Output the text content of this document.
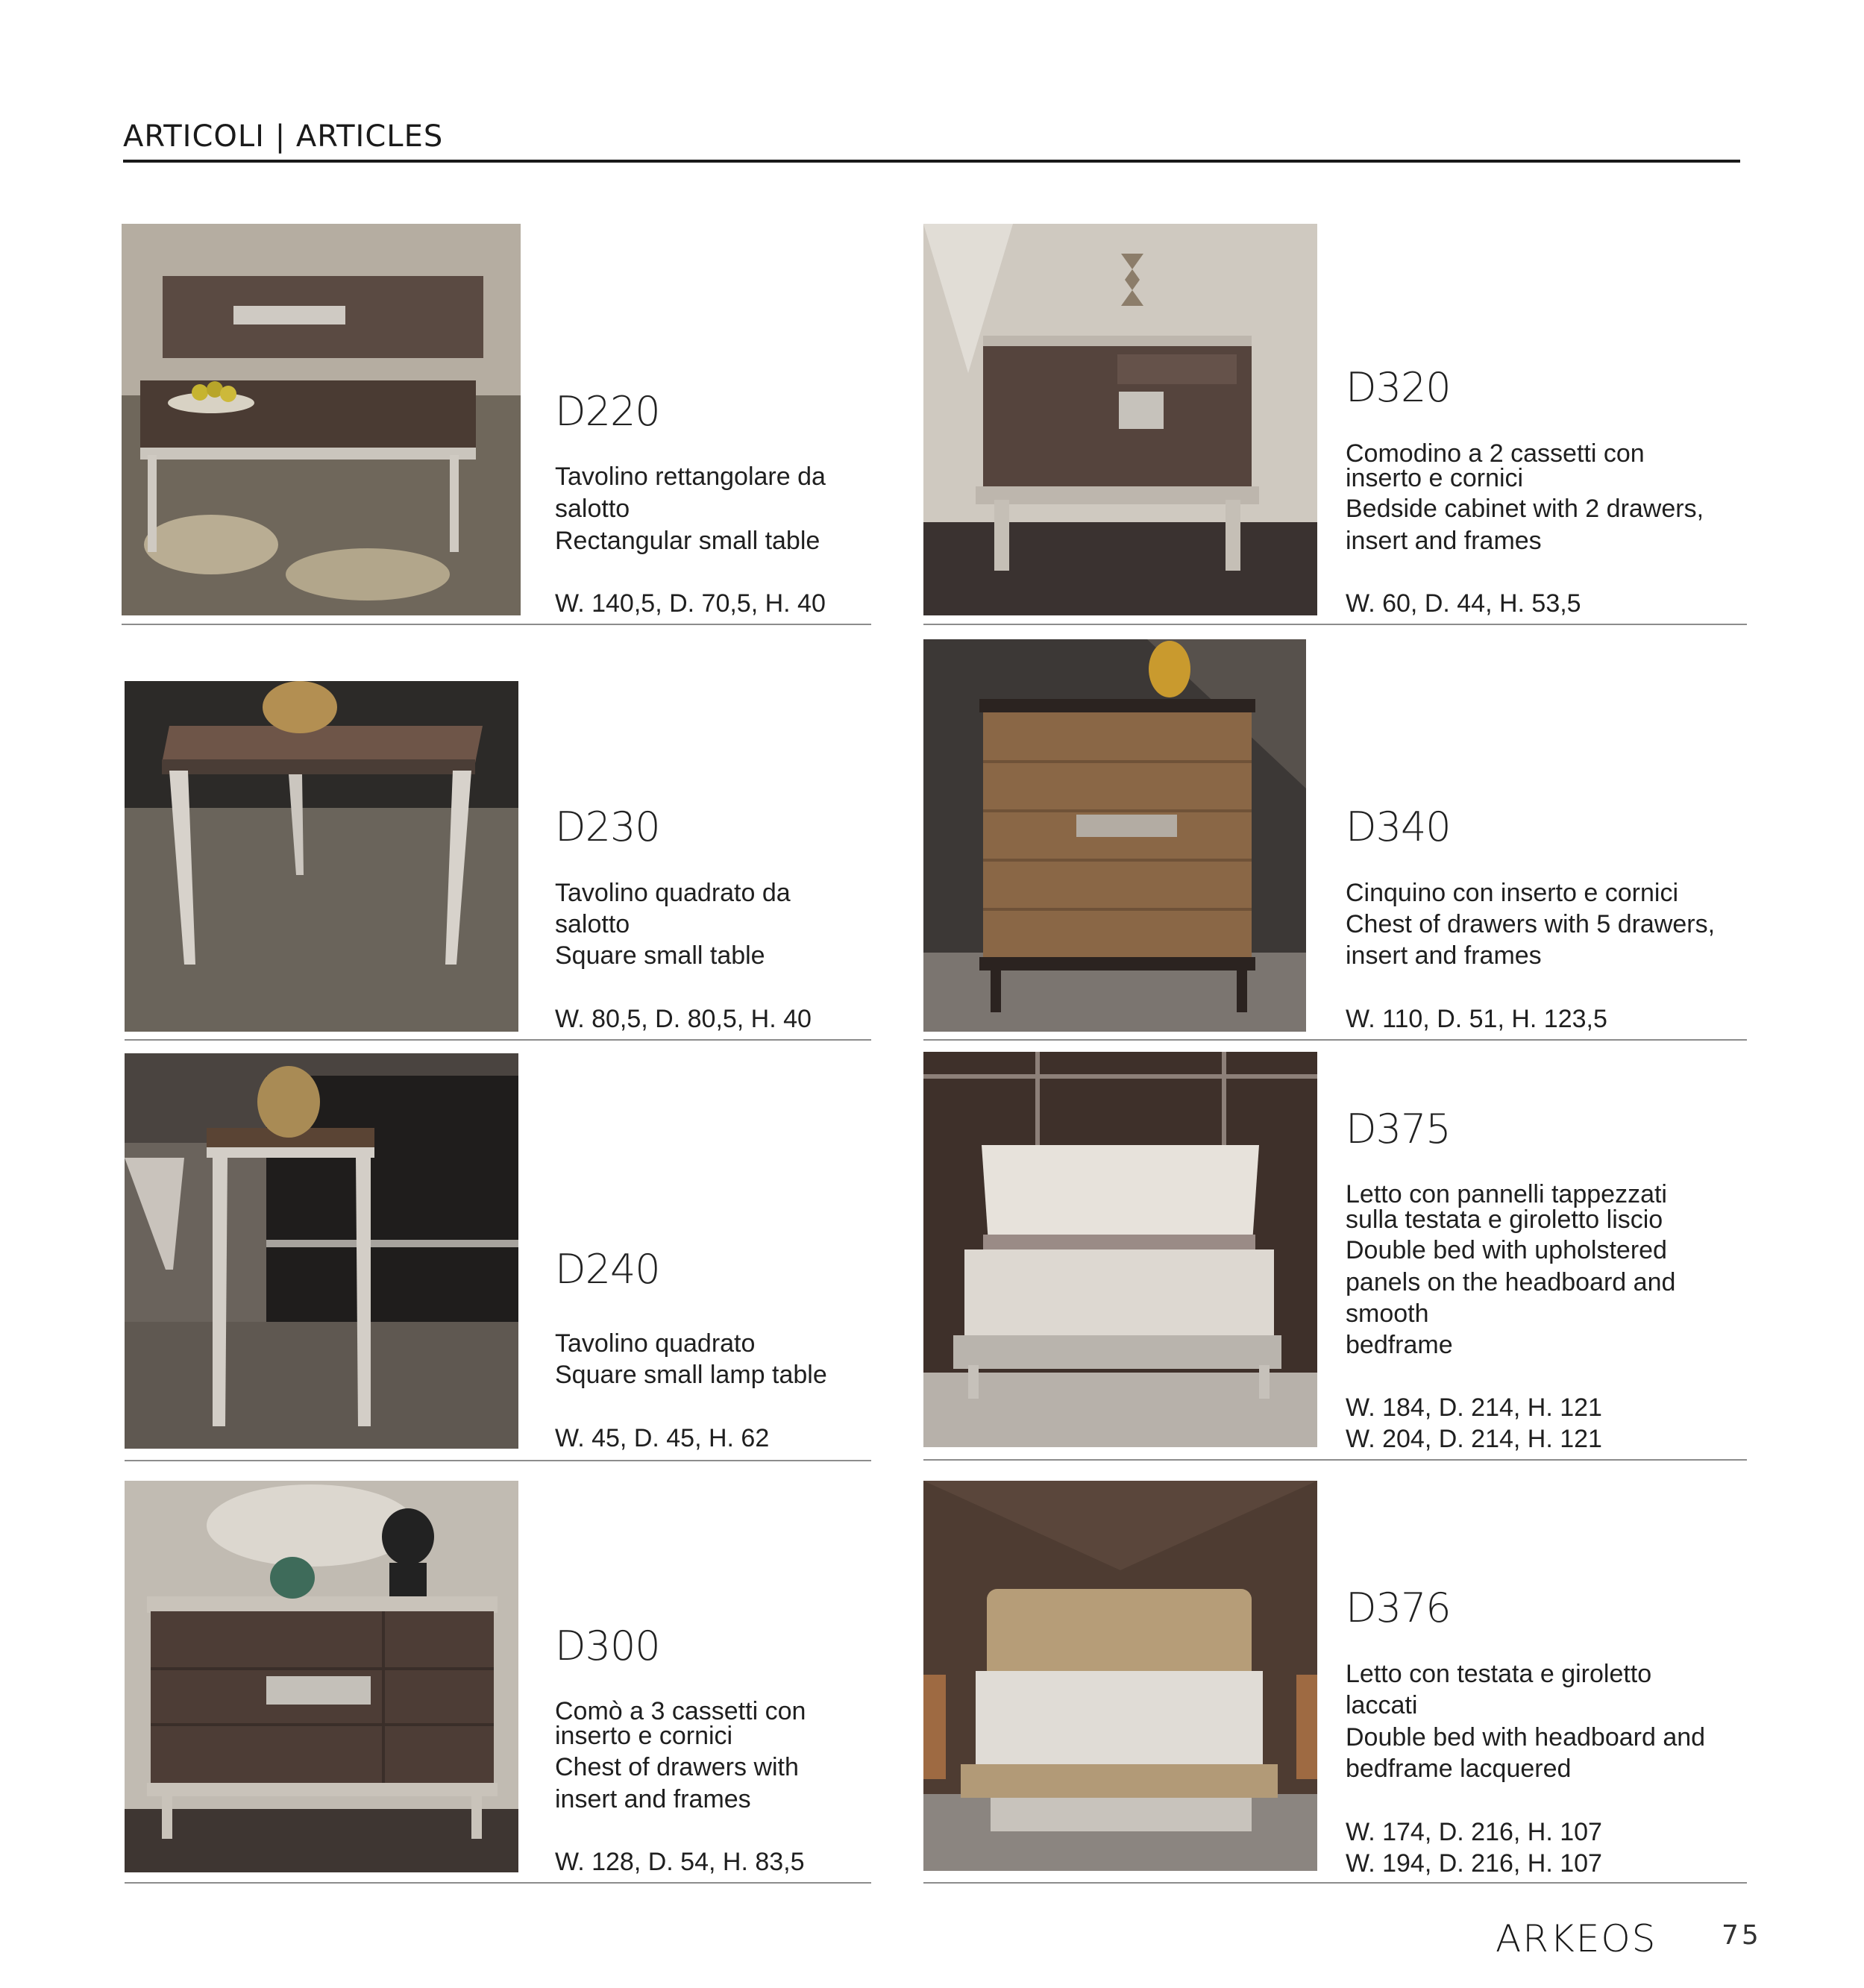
ARTICOLI | ARTICLES
D220
Tavolino rettangolare da
salotto
Rectangular small table
W. 140,5, D. 70,5, H. 40
D320
Comodino a 2 cassetti con
inserto e cornici
Bedside cabinet with 2 drawers,
insert and frames
W. 60, D. 44, H. 53,5
D230
Tavolino quadrato da
salotto
Square small table
W. 80,5, D. 80,5, H. 40
D340
Cinquino con inserto e cornici
Chest of drawers with 5 drawers,
insert and frames
W. 110, D. 51, H. 123,5
D240
Tavolino quadrato
Square small lamp table
W. 45, D. 45, H. 62
D375
Letto con pannelli tappezzati
sulla testata e giroletto liscio
Double bed with upholstered
panels on the headboard and
smooth
bedframe
W. 184, D. 214, H. 121
W. 204, D. 214, H. 121
D300
Comò a 3 cassetti con
inserto e cornici
Chest of drawers with
insert and frames
W. 128, D. 54, H. 83,5
D376
Letto con testata e giroletto
laccati
Double bed with headboard and
bedframe lacquered
W. 174, D. 216, H. 107
W. 194, D. 216, H. 107
ARKEOS 75
